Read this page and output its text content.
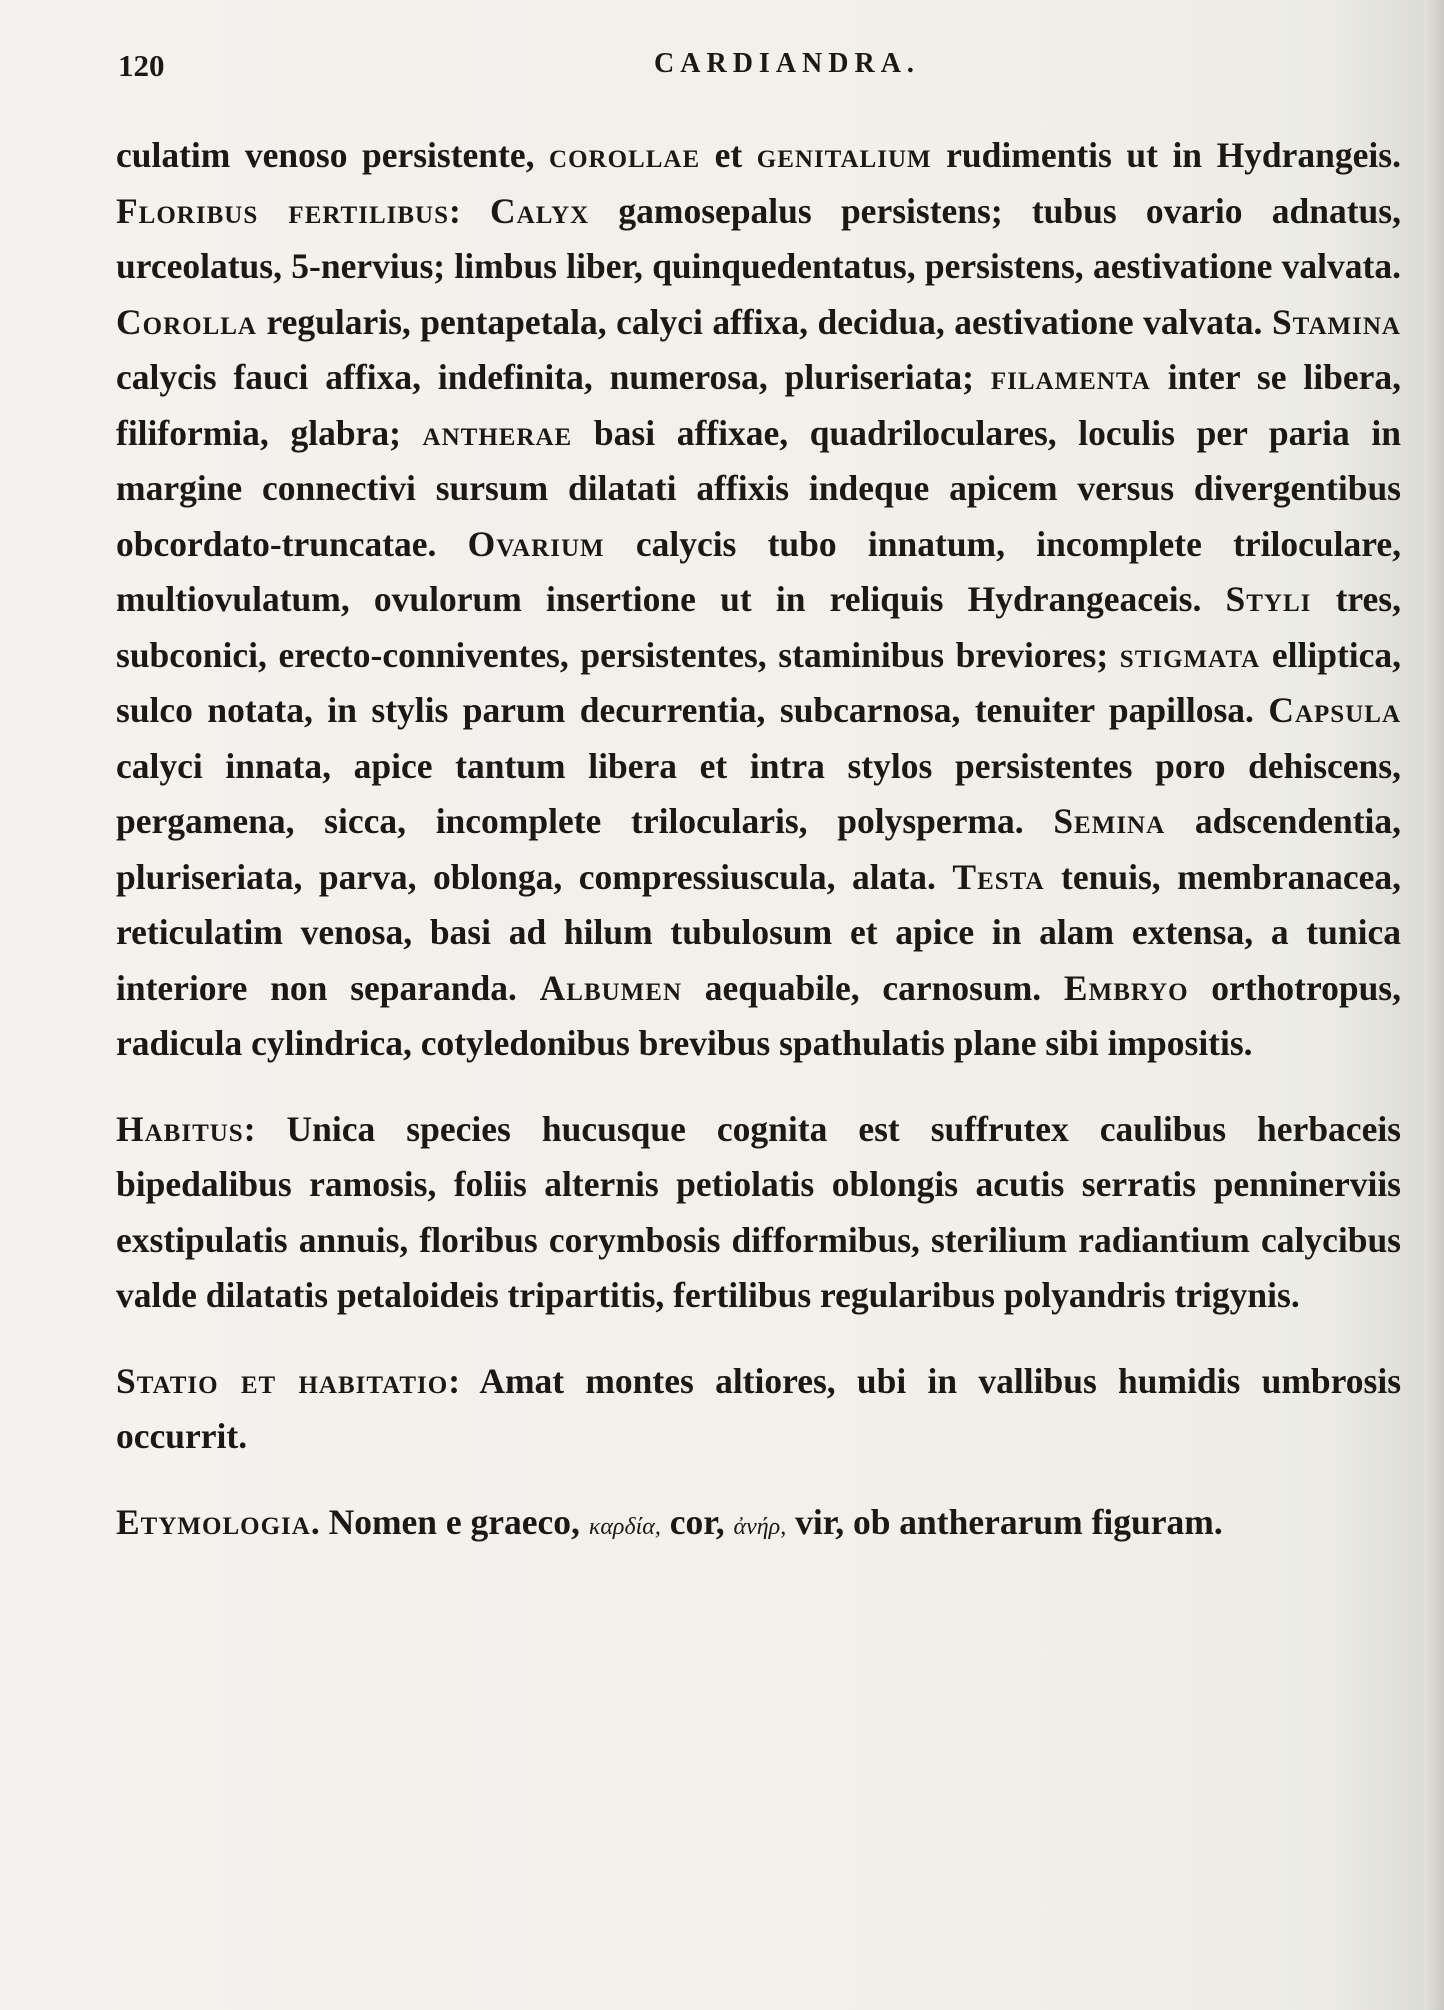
120	CARDIANDRA.

culatim venoso persistente, corollae et genitalium rudimentis ut in Hydrangeis. Floribus fertilibus: Calyx gamosepalus persistens; tubus ovario adnatus, urceolatus, 5-nervius; limbus liber, quinquedentatus, persistens, aestivatione valvata. Corolla regularis, pentapetala, calyci affixa, decidua, aestivatione valvata. Stamina calycis fauci affixa, indefinita, numerosa, pluriseriata; filamenta inter se libera, filiformia, glabra; antherae basi affixae, quadriloculares, loculis per paria in margine connectivi sursum dilatati affixis indeque apicem versus divergentibus obcordato-truncatae. Ovarium calycis tubo innatum, incomplete triloculare, multiovulatum, ovulorum insertione ut in reliquis Hydrangeaceis. Styli tres, subconici, erecto-conniventes, persistentes, staminibus breviores; stigmata elliptica, sulco notata, in stylis parum decurrentia, subcarnosa, tenuiter papillosa. Capsula calyci innata, apice tantum libera et intra stylos persistentes poro dehiscens, pergamena, sicca, incomplete trilocularis, polysperma. Semina adscendentia, pluriseriata, parva, oblonga, compressiuscula, alata. Testa tenuis, membranacea, reticulatim venosa, basi ad hilum tubulosum et apice in alam extensa, a tunica interiore non separanda. Albumen aequabile, carnosum. Embryo orthotropus, radicula cylindrica, cotyledonibus brevibus spathulatis plane sibi impositis.

Habitus: Unica species hucusque cognita est suffrutex caulibus herbaceis bipedalibus ramosis, foliis alternis petiolatis oblongis acutis serratis penninerviis exstipulatis annuis, floribus corymbosis difformibus, sterilium radiantium calycibus valde dilatatis petaloideis tripartitis, fertilibus regularibus polyandris trigynis.

Statio et habitatio: Amat montes altiores, ubi in vallibus humidis umbrosis occurrit.

Etymologia. Nomen e graeco, καρδία, cor, ἀνήρ, vir, ob antherarum figuram.
